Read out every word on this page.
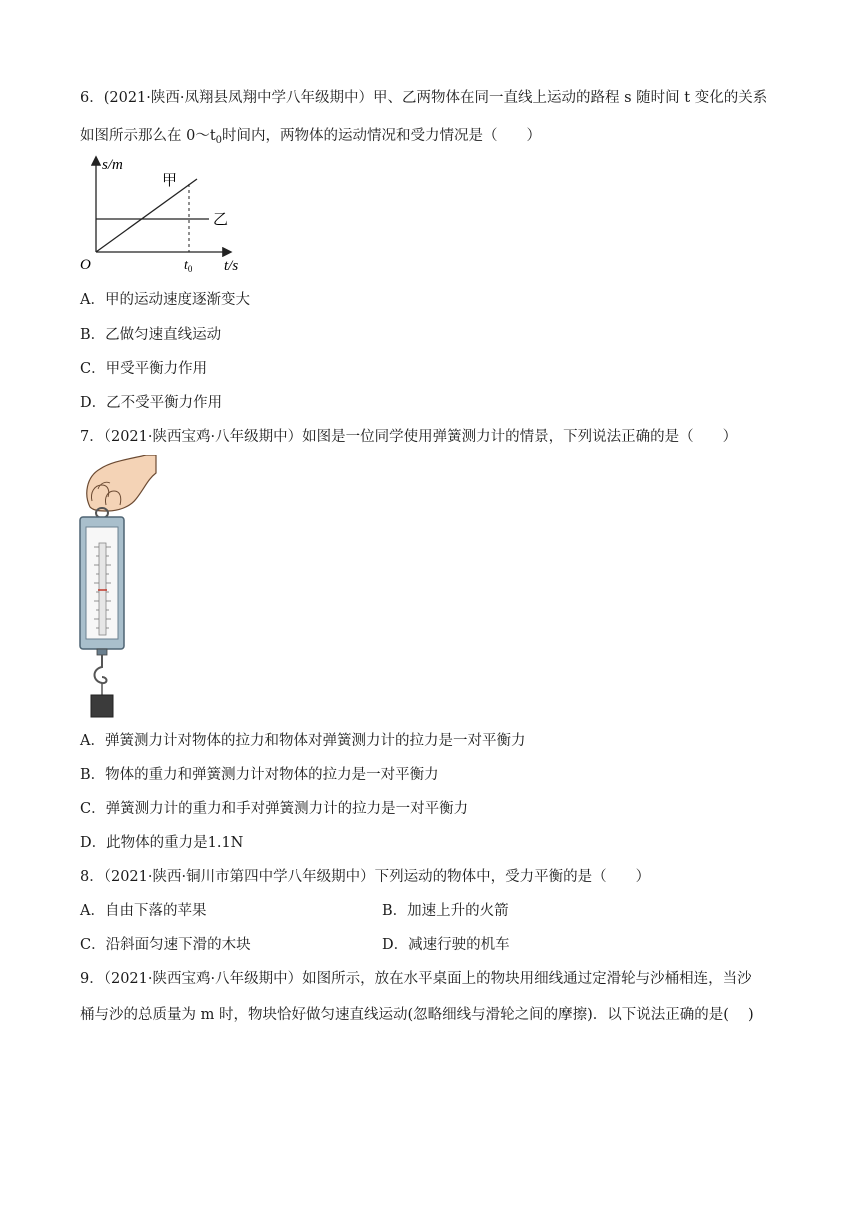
6．(2021·陕西·凤翔县凤翔中学八年级期中）甲、乙两物体在同一直线上运动的路程 s 随时间 t 变化的关系
如图所示那么在 $0\sim t_0$时间内，两物体的运动情况和受力情况是（　　）
s/m
t/s
O	$t_0$
甲
乙
A．甲的运动速度逐渐变大
B．乙做匀速直线运动
C．甲受平衡力作用
D．乙不受平衡力作用
7．（2021·陕西宝鸡·八年级期中）如图是一位同学使用弹簧测力计的情景，下列说法正确的是（　　）
A．弹簧测力计对物体的拉力和物体对弹簧测力计的拉力是一对平衡力
B．物体的重力和弹簧测力计对物体的拉力是一对平衡力
C．弹簧测力计的重力和手对弹簧测力计的拉力是一对平衡力
D．此物体的重力是1.1N
8．（2021·陕西·铜川市第四中学八年级期中）下列运动的物体中，受力平衡的是（　　）
A．自由下落的苹果	B．加速上升的火箭
C．沿斜面匀速下滑的木块	D．减速行驶的机车
9．（2021·陕西宝鸡·八年级期中）如图所示，放在水平桌面上的物块用细线通过定滑轮与沙桶相连，当沙
桶与沙的总质量为 m 时，物块恰好做匀速直线运动(忽略细线与滑轮之间的摩擦)．以下说法正确的是(　 )
